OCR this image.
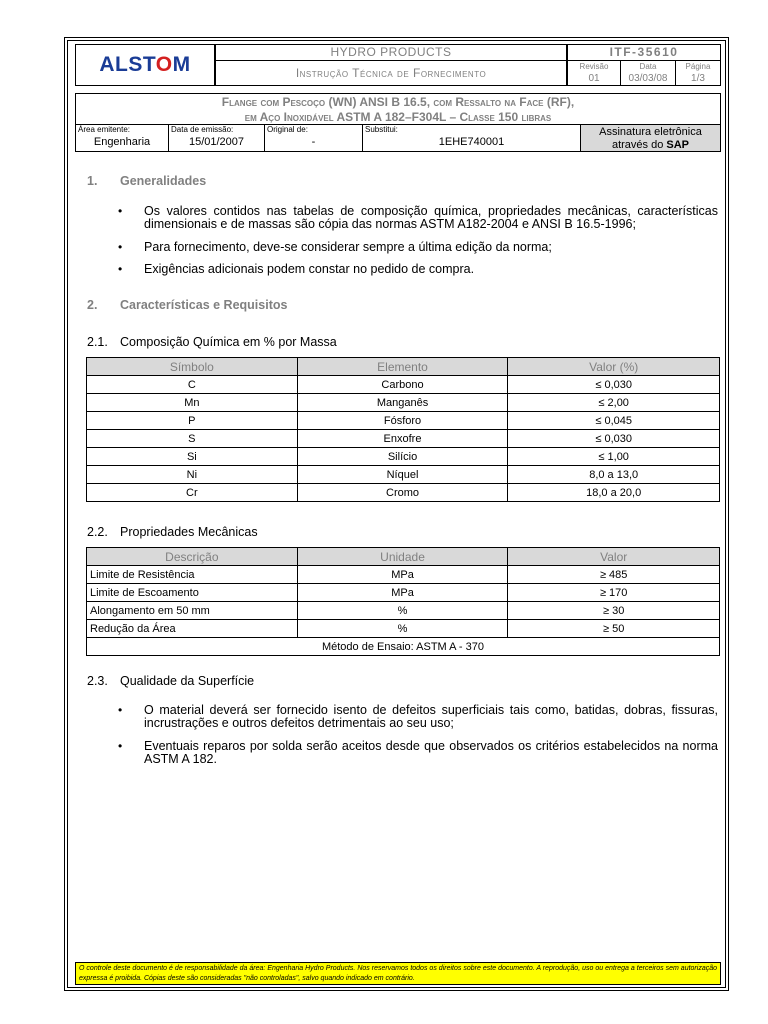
ALSTOM
HYDRO PRODUCTS
Instrução Técnica de Fornecimento
ITF-35610
Revisão
01
Data
03/03/08
Página
1/3
Flange com Pescoço (WN) ANSI B 16.5, com Ressalto na Face (RF),
em Aço Inoxidável ASTM A 182–F304L – Classe 150 libras
Área emitente:
Engenharia
Data de emissão:
15/01/2007
Original de:
-
Substitui:
1EHE740001
Assinatura eletrônica
através do SAP
1. Generalidades
• Os valores contidos nas tabelas de composição química, propriedades mecânicas, características dimensionais e de massas são cópia das normas ASTM A182-2004 e ANSI B 16.5-1996;
• Para fornecimento, deve-se considerar sempre a última edição da norma;
• Exigências adicionais podem constar no pedido de compra.
2. Características e Requisitos
2.1. Composição Química em % por Massa
Símbolo	Elemento	Valor (%)
C	Carbono	≤ 0,030
Mn	Manganês	≤ 2,00
P	Fósforo	≤ 0,045
S	Enxofre	≤ 0,030
Si	Silício	≤ 1,00
Ni	Níquel	8,0 a 13,0
Cr	Cromo	18,0 a 20,0
2.2. Propriedades Mecânicas
Descrição	Unidade	Valor
Limite de Resistência	MPa	≥ 485
Limite de Escoamento	MPa	≥ 170
Alongamento em 50 mm	%	≥ 30
Redução da Área	%	≥ 50
Método de Ensaio: ASTM A - 370		
2.3. Qualidade da Superfície
• O material deverá ser fornecido isento de defeitos superficiais tais como, batidas, dobras, fissuras, incrustrações e outros defeitos detrimentais ao seu uso;
• Eventuais reparos por solda serão aceitos desde que observados os critérios estabelecidos na norma ASTM A 182.
O controle deste documento é de responsabilidade da área: Engenharia Hydro Products. Nos reservamos todos os direitos sobre este documento. A reprodução, uso ou entrega a terceiros sem autorização expressa é proibida. Cópias deste são consideradas "não controladas", salvo quando indicado em contrário.
